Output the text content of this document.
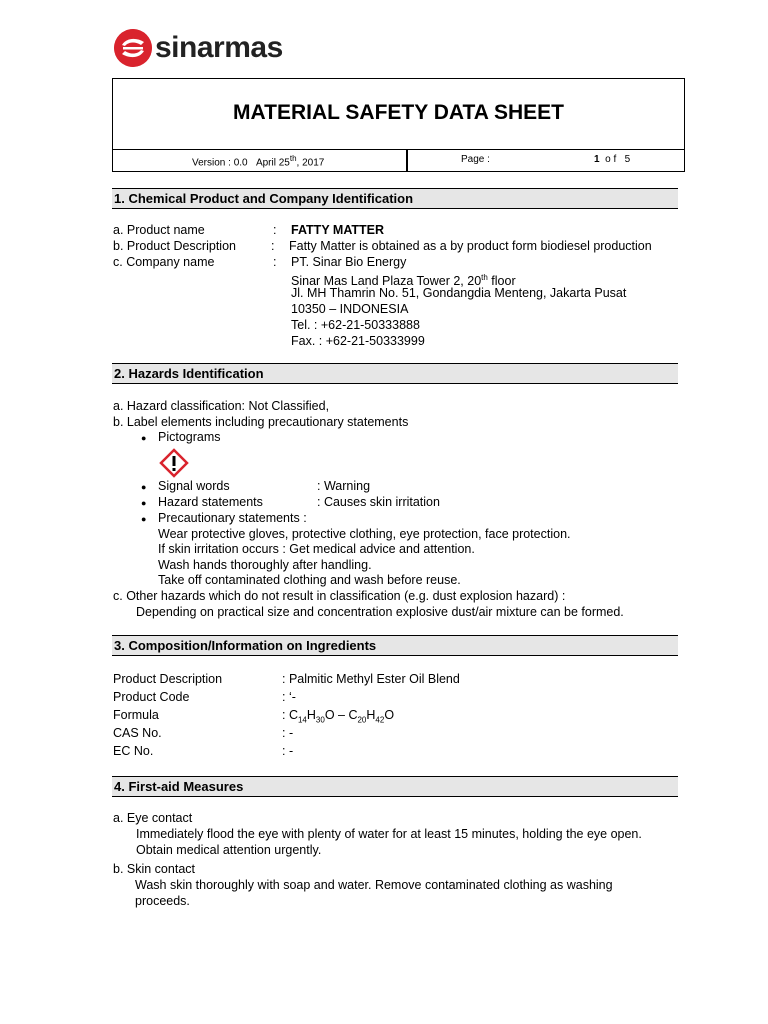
sinarmas
MATERIAL SAFETY DATA SHEET
Version : 0.0 April 25th, 2017	Page :	1 o f 5
1. Chemical Product and Company Identification
a. Product name	: FATTY MATTER
b. Product Description	: Fatty Matter is obtained as a by product form biodiesel production
c. Company name	: PT. Sinar Bio Energy
Sinar Mas Land Plaza Tower 2, 20th floor
Jl. MH Thamrin No. 51, Gondangdia Menteng, Jakarta Pusat
10350 – INDONESIA
Tel. : +62-21-50333888
Fax. : +62-21-50333999
2. Hazards Identification
a. Hazard classification: Not Classified,
b. Label elements including precautionary statements
● Pictograms
● Signal words	: Warning
● Hazard statements	: Causes skin irritation
● Precautionary statements :
Wear protective gloves, protective clothing, eye protection, face protection.
If skin irritation occurs : Get medical advice and attention.
Wash hands thoroughly after handling.
Take off contaminated clothing and wash before reuse.
c. Other hazards which do not result in classification (e.g. dust explosion hazard) :
Depending on practical size and concentration explosive dust/air mixture can be formed.
3. Composition/Information on Ingredients
Product Description	: Palmitic Methyl Ester Oil Blend
Product Code	: ‘-
Formula	: $C_{14}H_{30}O - C_{20}H_{42}O$
CAS No.	: -
EC No.	: -
4. First-aid Measures
a. Eye contact
Immediately flood the eye with plenty of water for at least 15 minutes, holding the eye open.
Obtain medical attention urgently.
b. Skin contact
Wash skin thoroughly with soap and water. Remove contaminated clothing as washing
proceeds.
